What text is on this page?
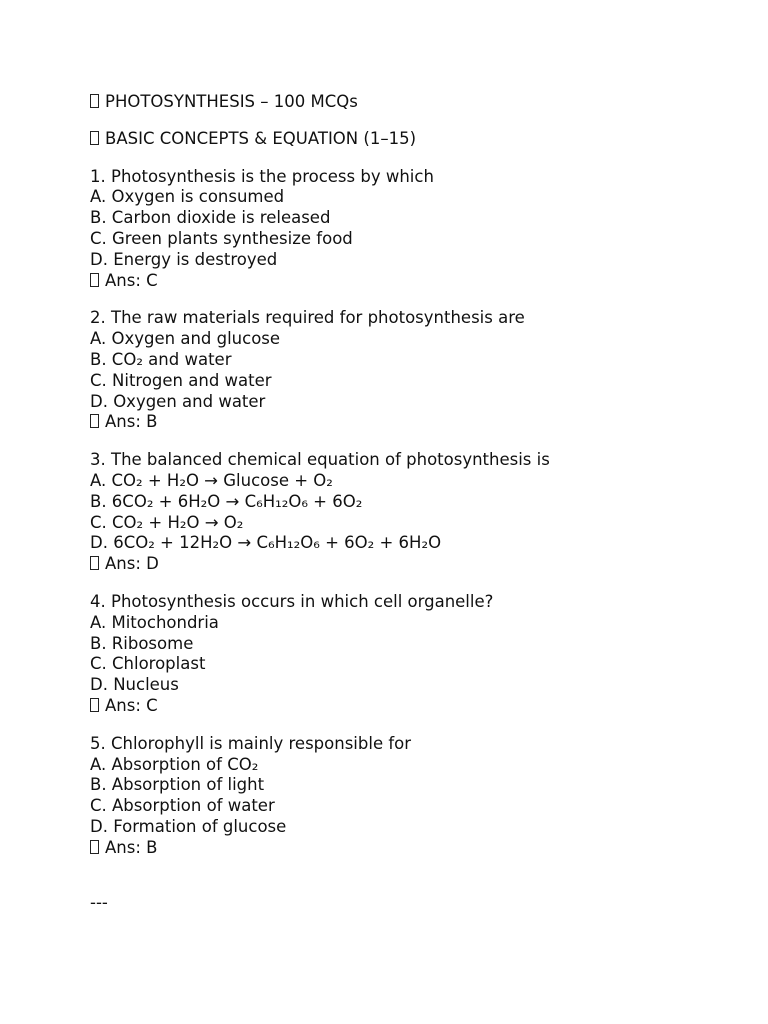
PHOTOSYNTHESIS – 100 MCQs
BASIC CONCEPTS & EQUATION (1–15)
1. Photosynthesis is the process by which
A. Oxygen is consumed
B. Carbon dioxide is released
C. Green plants synthesize food
D. Energy is destroyed
Ans: C
2. The raw materials required for photosynthesis are
A. Oxygen and glucose
B. CO₂ and water
C. Nitrogen and water
D. Oxygen and water
Ans: B
3. The balanced chemical equation of photosynthesis is
A. CO₂ + H₂O → Glucose + O₂
B. 6CO₂ + 6H₂O → C₆H₁₂O₆ + 6O₂
C. CO₂ + H₂O → O₂
D. 6CO₂ + 12H₂O → C₆H₁₂O₆ + 6O₂ + 6H₂O
Ans: D
4. Photosynthesis occurs in which cell organelle?
A. Mitochondria
B. Ribosome
C. Chloroplast
D. Nucleus
Ans: C
5. Chlorophyll is mainly responsible for
A. Absorption of CO₂
B. Absorption of light
C. Absorption of water
D. Formation of glucose
Ans: B
---
